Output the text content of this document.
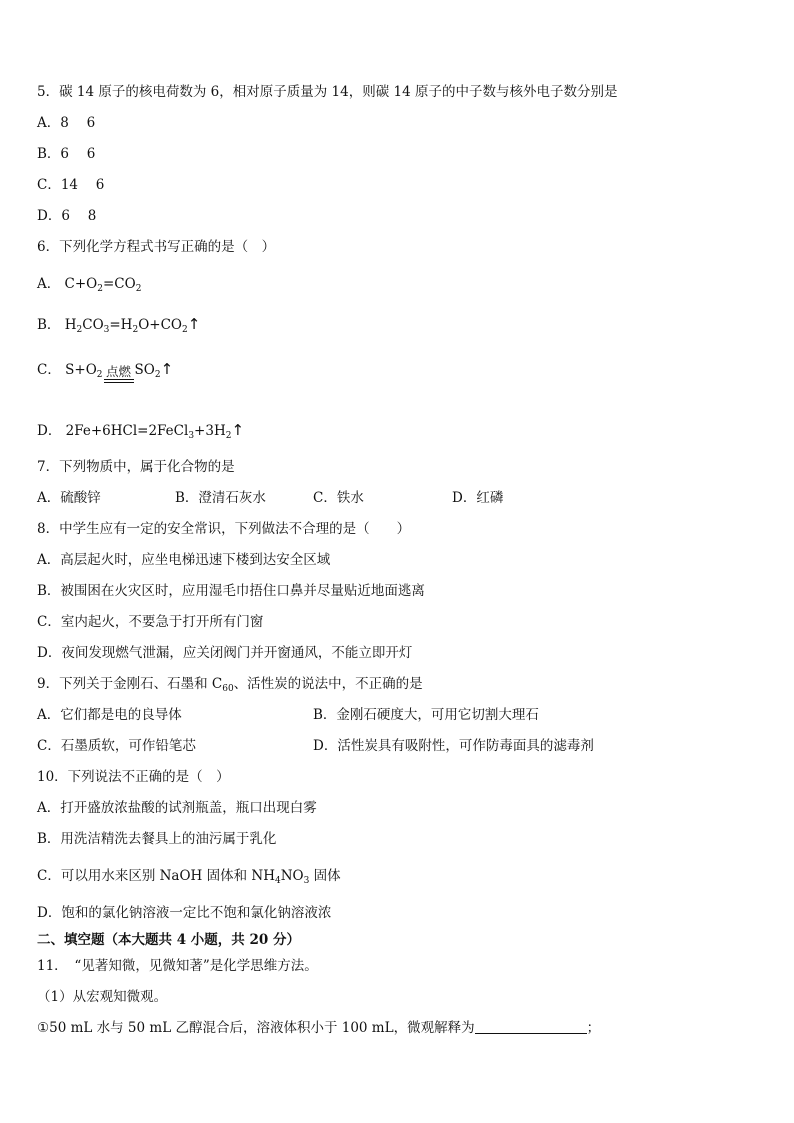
5．碳 14 原子的核电荷数为 6，相对原子质量为 14，则碳 14 原子的中子数与核外电子数分别是
A．8　 6
B．6　 6
C．14　 6
D．6　 8
6．下列化学方程式书写正确的是（　）
A． $C+O_2=CO_2$
B． $H_2CO_3=H_2O+CO_2↑$
C． $S+O_2$ 点燃 $SO_2↑$
D． $2Fe+6HCl=2FeCl_3+3H_2↑$
7．下列物质中，属于化合物的是
A．硫酸锌	B．澄清石灰水	C．铁水	D．红磷
8．中学生应有一定的安全常识，下列做法不合理的是（　　）
A．高层起火时，应坐电梯迅速下楼到达安全区域
B．被围困在火灾区时，应用湿毛巾捂住口鼻并尽量贴近地面逃离
C．室内起火，不要急于打开所有门窗
D．夜间发现燃气泄漏，应关闭阀门并开窗通风，不能立即开灯
9．下列关于金刚石、石墨和 $C_{60}$、活性炭的说法中，不正确的是
A．它们都是电的良导体	B．金刚石硬度大，可用它切割大理石
C．石墨质软，可作铅笔芯	D．活性炭具有吸附性，可作防毒面具的滤毒剂
10．下列说法不正确的是（　）
A．打开盛放浓盐酸的试剂瓶盖，瓶口出现白雾
B．用洗洁精洗去餐具上的油污属于乳化
C．可以用水来区别 NaOH 固体和 $NH_4NO_3$ 固体
D．饱和的氯化钠溶液一定比不饱和氯化钠溶液浓
二、填空题（本大题共 4 小题，共 20 分）
11．　“见著知微，见微知著”是化学思维方法。
（1）从宏观知微观。
①50 mL 水与 50 mL 乙醇混合后，溶液体积小于 100 mL，微观解释为	；
